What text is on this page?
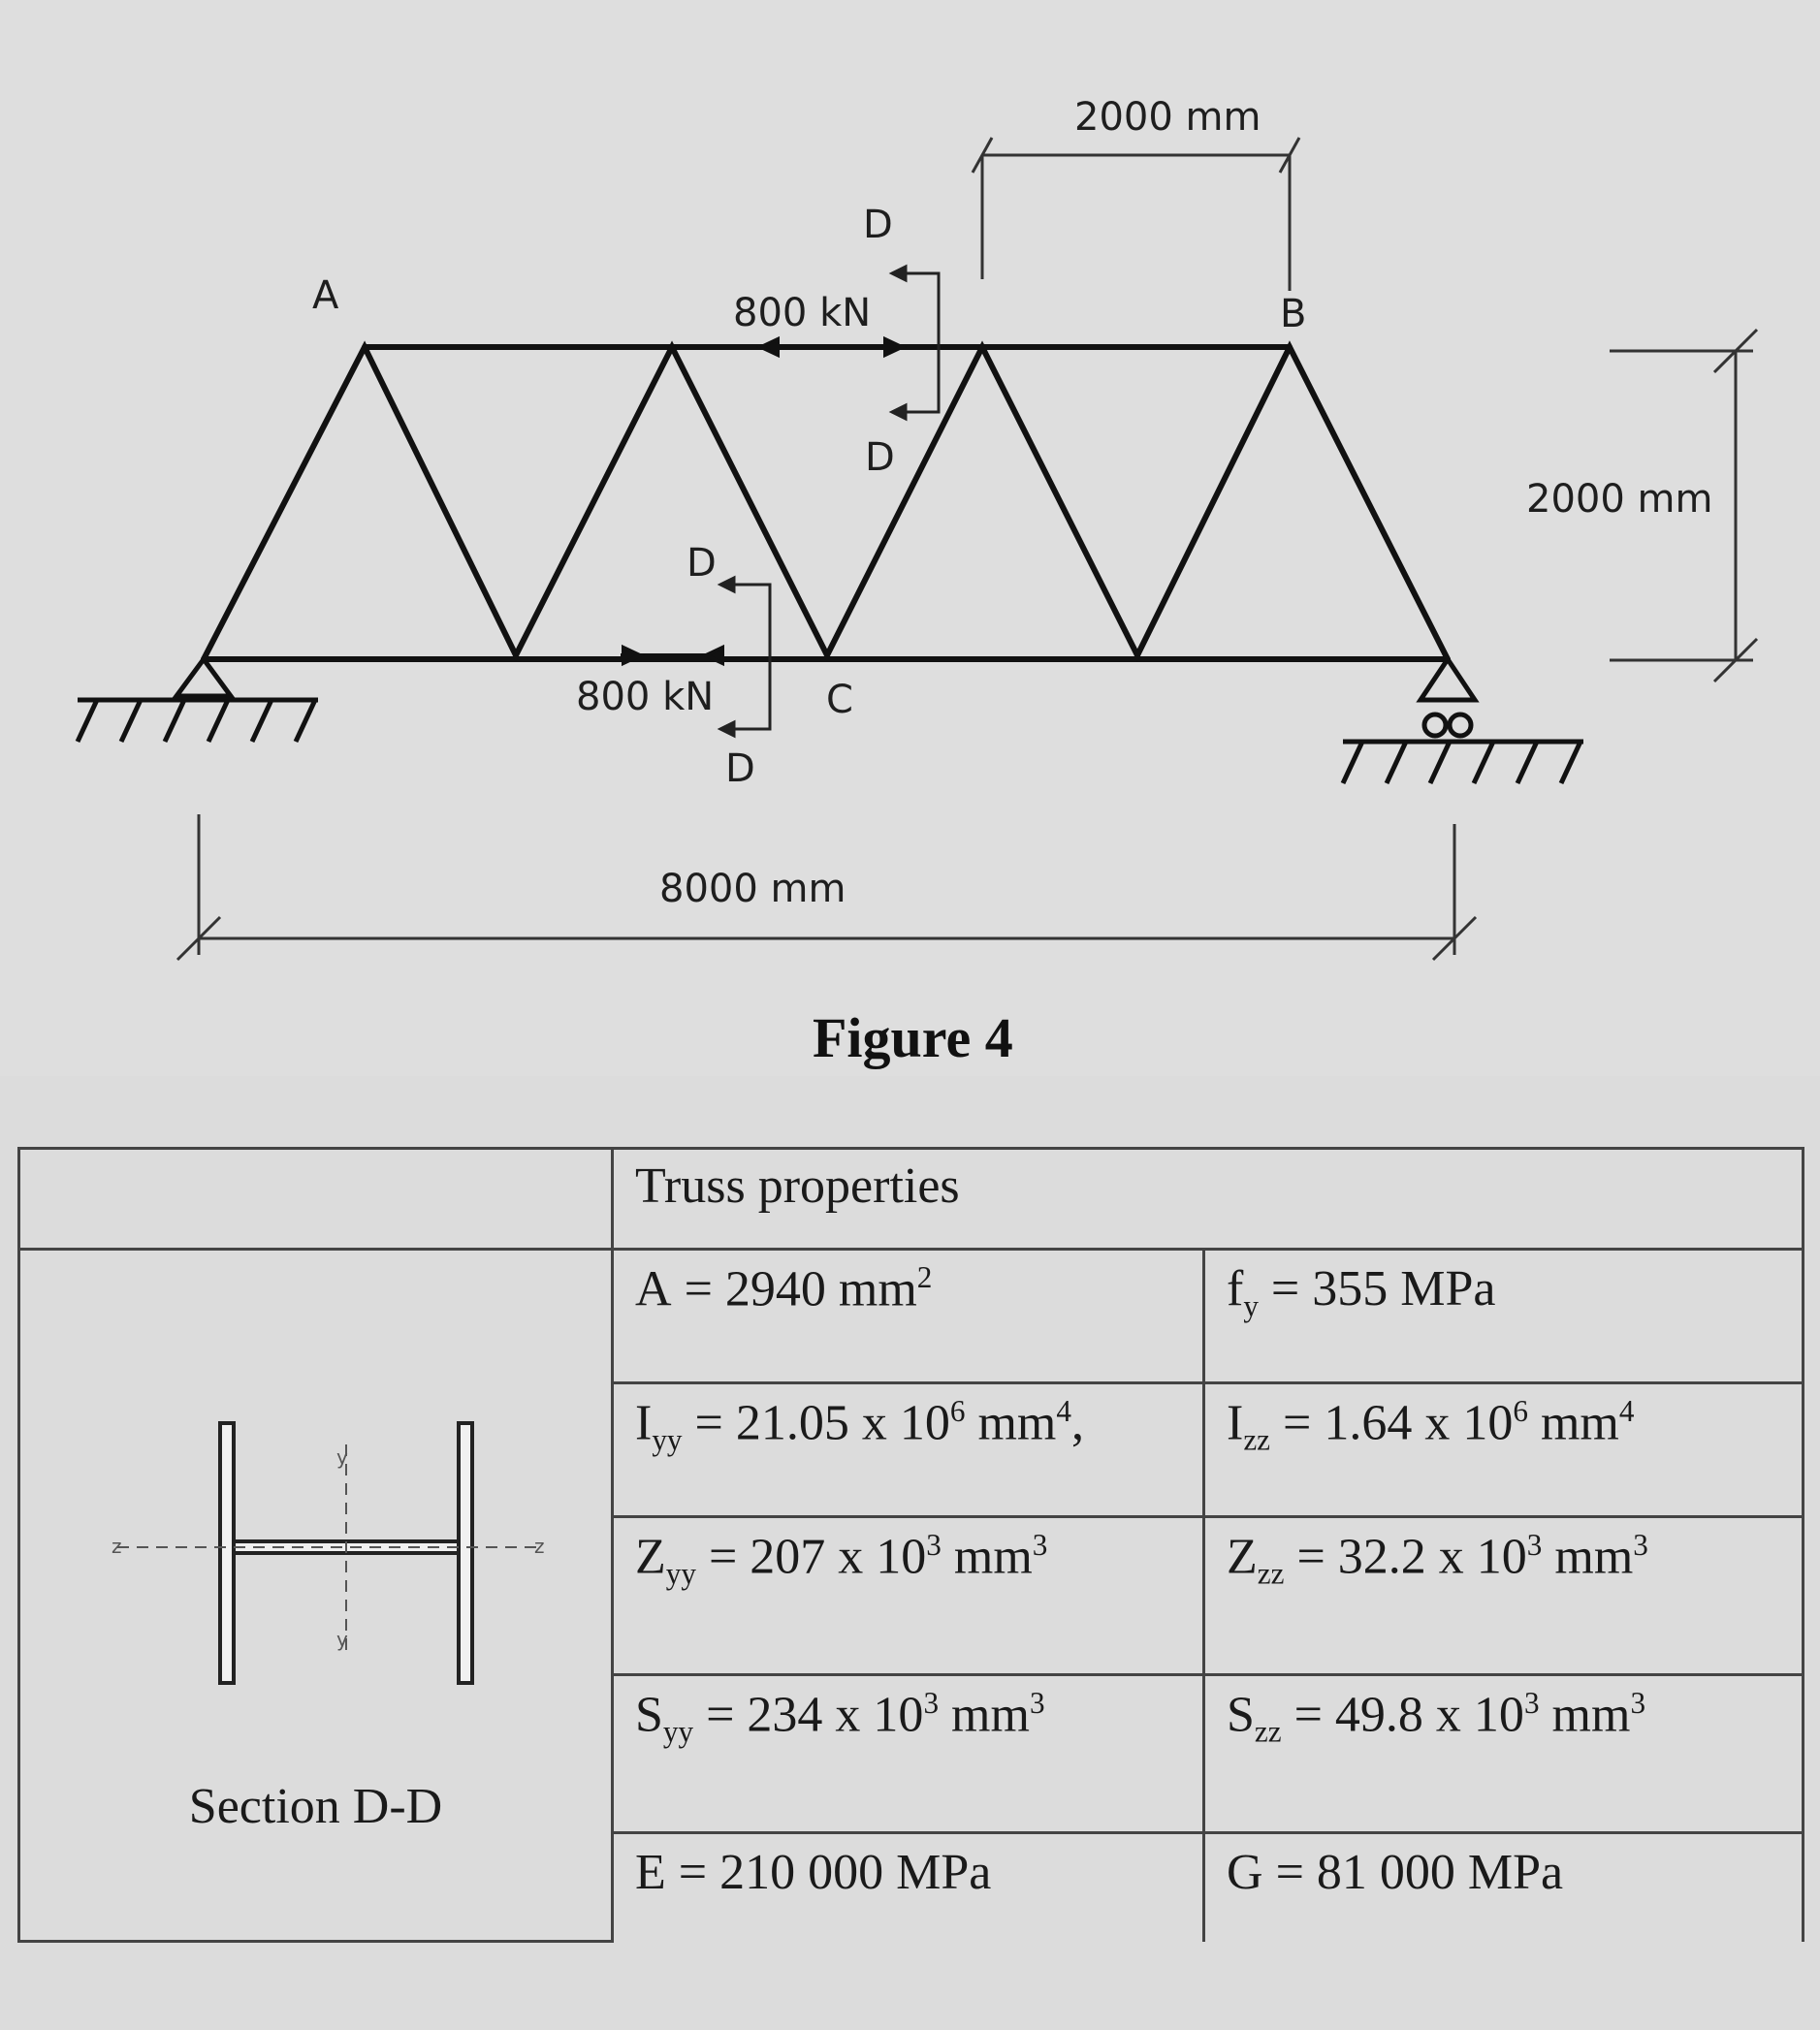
A	B
C
800 kN
800 kN
D
D
D
D
2000 mm
2000 mm
8000 mm
Figure 4
	Truss properties	

z z
y
y
Section D-D	A = 2940 $mm^2$	$f_y = 355$ MPa
	$I_{yy} = 21.05$ x $10^6$ $mm^4$,	$I_{zz} = 1.64$ x $10^6$ $mm^4$
	$Z_{yy} = 207$ x $10^3$ $mm^3$	$Z_{zz} = 32.2$ x $10^3$ $mm^3$
	$S_{yy} = 234$ x $10^3$ $mm^3$	$S_{zz} = 49.8$ x $10^3$ $mm^3$
	E = 210 000 MPa	G = 81 000 MPa
